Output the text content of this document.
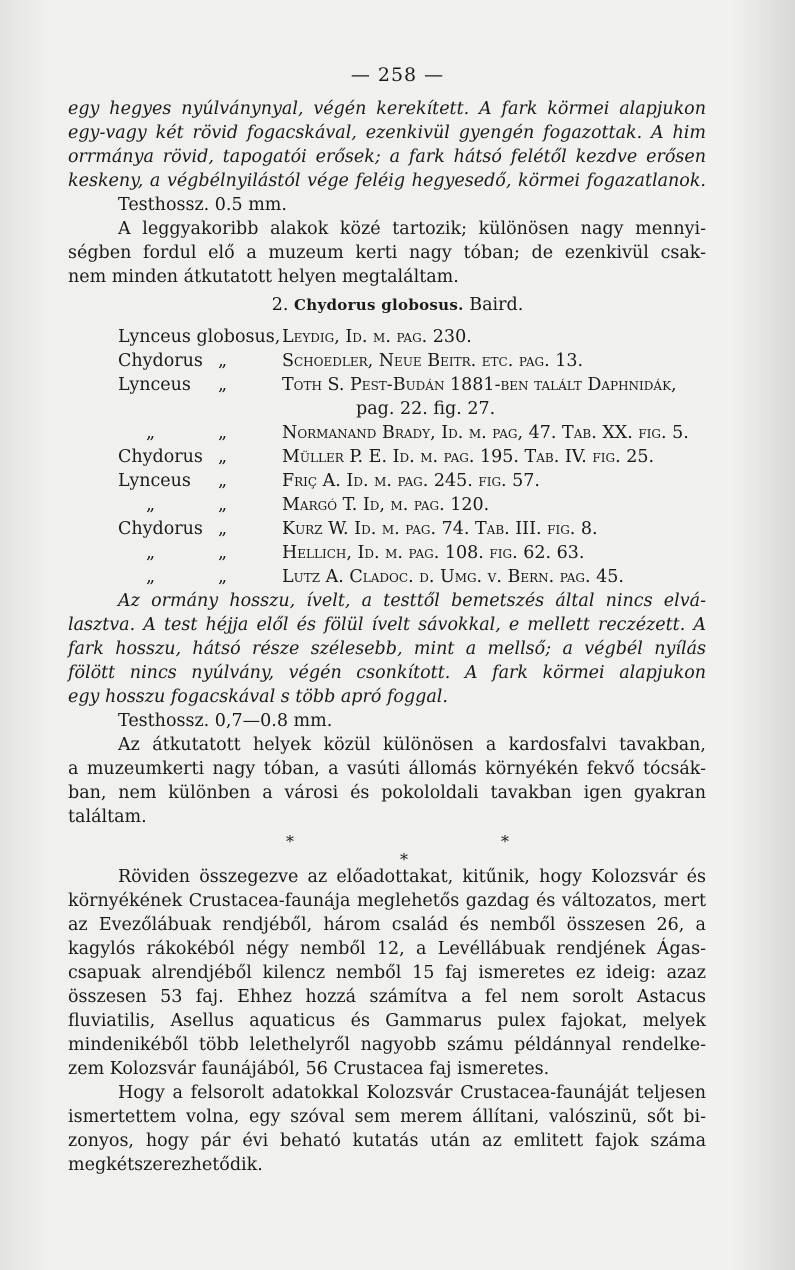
— 258 —
egy hegyes nyúlványnyal, végén kerekített. A fark körmei alapjukon
egy-vagy két rövid fogacskával, ezenkivül gyengén fogazottak. A him
orrmánya rövid, tapogatói erősek; a fark hátsó felétől kezdve erősen
keskeny, a végbélnyilástól vége feléig hegyesedő, körmei fogazatlanok.
Testhossz. 0.5 mm.
A leggyakoribb alakok közé tartozik; különösen nagy mennyi-
ségben fordul elő a muzeum kerti nagy tóban; de ezenkivül csak-
nem minden átkutatott helyen megtaláltam.
2. Chydorus globosus. Baird.
Lynceus globosus, Leydig, Id. m. pag. 230.
Chydorus „	Schoedler, Neue Beitr. etc. pag. 13.
Lynceus „	Toth S. Pest-Budán 1881-ben talált Daphnidák,
pag. 22. fig. 27.
„	„	Normanand Brady, Id. m. pag, 47. Tab. XX. fig. 5.
Chydorus „	Müller P. E. Id. m. pag. 195. Tab. IV. fig. 25.
Lynceus „	Friç A. Id. m. pag. 245. fig. 57.
„	„	Margó T. Id, m. pag. 120.
Chydorus „	Kurz W. Id. m. pag. 74. Tab. III. fig. 8.
„	„	Hellich, Id. m. pag. 108. fig. 62. 63.
„	„	Lutz A. Cladoc. d. Umg. v. Bern. pag. 45.
Az ormány hosszu, ívelt, a testtől bemetszés által nincs elvá-
lasztva. A test héjja elől és fölül ívelt sávokkal, e mellett reczézett. A
fark hosszu, hátsó része szélesebb, mint a mellső; a végbél nyílás
fölött nincs nyúlvány, végén csonkított. A fark körmei alapjukon
egy hosszu fogacskával s több apró foggal.
Testhossz. 0,7—0.8 mm.
Az átkutatott helyek közül különösen a kardosfalvi tavakban,
a muzeumkerti nagy tóban, a vasúti állomás környékén fekvő tócsák-
ban, nem különben a városi és pokololdali tavakban igen gyakran
találtam.
*	*
*
Röviden összegezve az előadottakat, kitűnik, hogy Kolozsvár és
környékének Crustacea-faunája meglehetős gazdag és változatos, mert
az Evezőlábuak rendjéből, három család és nemből összesen 26, a
kagylós rákokéból négy nemből 12, a Levéllábuak rendjének Ágas-
csapuak alrendjéből kilencz nemből 15 faj ismeretes ez ideig: azaz
összesen 53 faj. Ehhez hozzá számítva a fel nem sorolt Astacus
fluviatilis, Asellus aquaticus és Gammarus pulex fajokat, melyek
mindenikéből több lelethelyről nagyobb számu példánnyal rendelke-
zem Kolozsvár faunájából, 56 Crustacea faj ismeretes.
Hogy a felsorolt adatokkal Kolozsvár Crustacea-faunáját teljesen
ismertettem volna, egy szóval sem merem állítani, valószinü, sőt bi-
zonyos, hogy pár évi beható kutatás után az emlitett fajok száma
megkétszerezhetődik.
